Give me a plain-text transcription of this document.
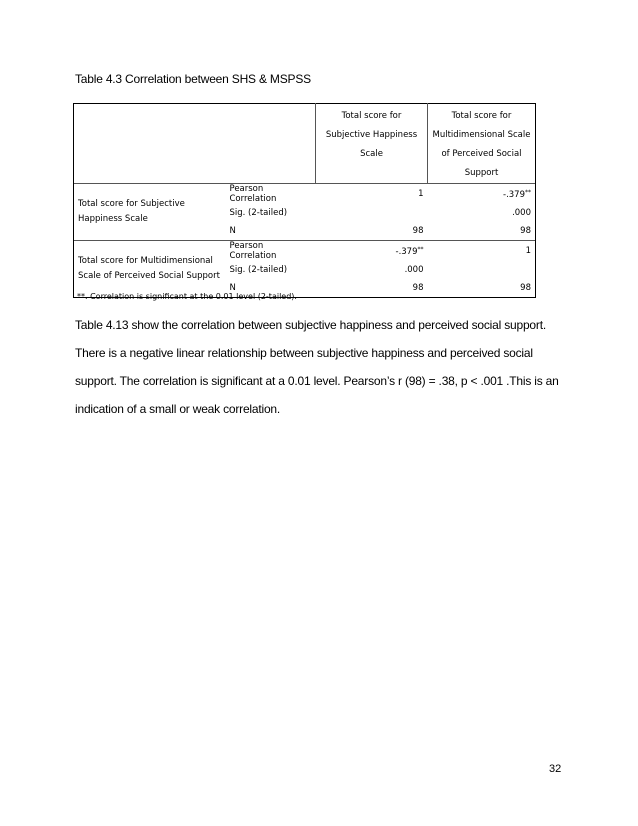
Table 4.3 Correlation between SHS & MSPSS
		Total score for Subjective Happiness Scale	Total score for Multidimensional Scale of Perceived Social Support
Total score for Subjective Happiness Scale	Pearson Correlation	1	-.379**
	Sig. (2-tailed)		.000
	N	98	98
Total score for Multidimensional Scale of Perceived Social Support	Pearson Correlation	-.379**	1
	Sig. (2-tailed)	.000	
	N	98	98
**. Correlation is significant at the 0.01 level (2-tailed).

Table 4.13 show the correlation between subjective happiness and perceived social support.

There is a negative linear relationship between subjective happiness and perceived social

support. The correlation is significant at a 0.01 level. Pearson’s r (98) = .38, p < .001 .This is an

indication of a small or weak correlation.

32
